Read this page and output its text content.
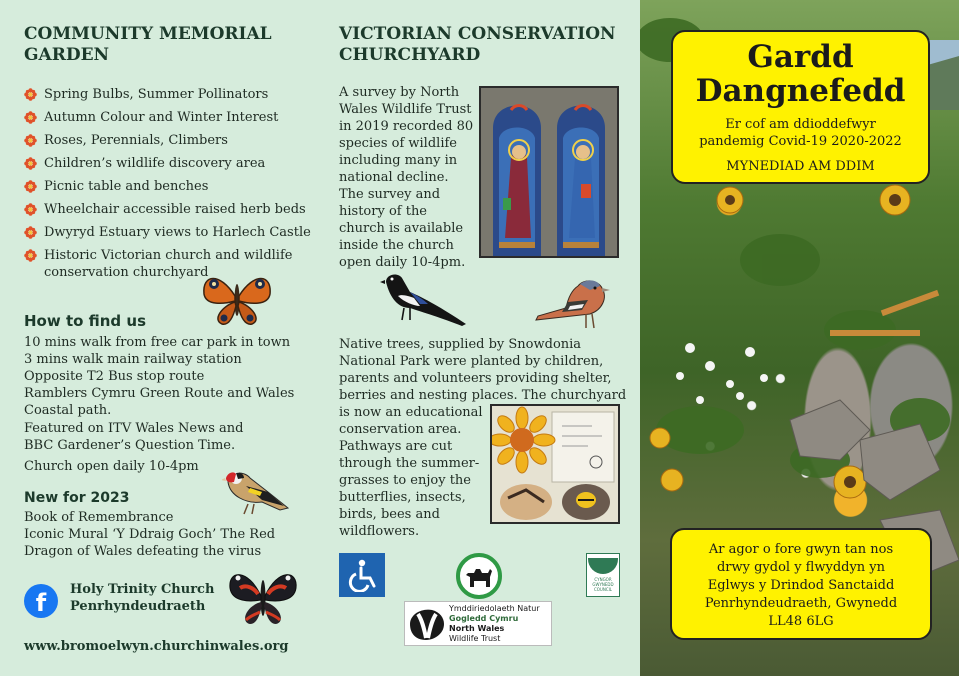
COMMUNITY MEMORIAL GARDEN
Spring Bulbs, Summer Pollinators
Autumn Colour and Winter Interest
Roses, Perennials, Climbers
Children’s wildlife discovery area
Picnic table and benches
Wheelchair accessible raised herb beds
Dwyryd Estuary views to Harlech Castle
Historic Victorian church and wildlife conservation churchyard
How to find us
10 mins walk from free car park in town
3 mins walk main railway station
Opposite T2 Bus stop route
Ramblers Cymru Green Route and Wales Coastal path.
Featured on ITV Wales News and BBC Gardener’s Question Time.
Church open daily 10-4pm
New for 2023
Book of Remembrance
Iconic Mural ‘Y Ddraig Goch’ The Red
Dragon of Wales defeating the virus
f Holy Trinity Church
Penrhyndeudraeth
www.bromoelwyn.churchinwales.org
VICTORIAN CONSERVATION CHURCHYARD
A survey by North
Wales Wildlife Trust
in 2019 recorded 80
species of wildlife
including many in
national decline.
The survey and
history of the
church is available
inside the church
open daily 10-4pm.
Native trees, supplied by Snowdonia
National Park were planted by children,
parents and volunteers providing shelter,
berries and nesting places. The churchyard
is now an educational
conservation area.
Pathways are cut
through the summer-
grasses to enjoy the
butterflies, insects,
birds, bees and
wildflowers.
CYNGOR GWYNEDD COUNCIL
Ymddiriedolaeth Natur
Gogledd Cymru
North Wales
Wildlife Trust
Gardd
Dangnefedd
Er cof am ddioddefwyr
pandemig Covid-19 2020-2022
MYNEDIAD AM DDIM
Ar agor o fore gwyn tan nos
drwy gydol y flwyddyn yn
Eglwys y Drindod Sanctaidd
Penrhyndeudraeth, Gwynedd
LL48 6LG
